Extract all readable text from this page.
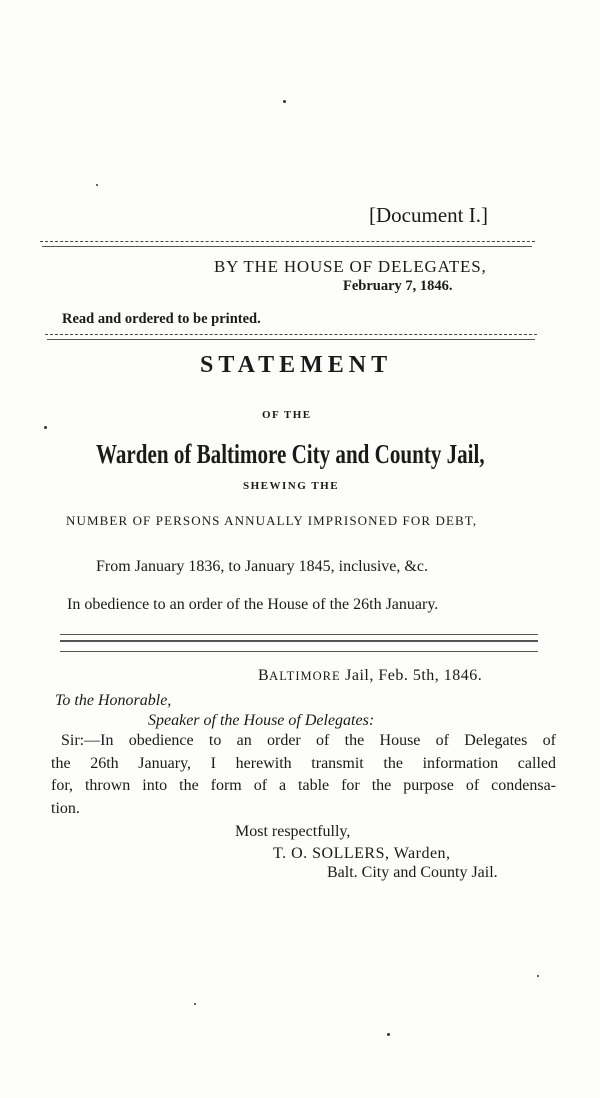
[Document I.]
BY THE HOUSE OF DELEGATES,
February 7, 1846.
Read and ordered to be printed.
STATEMENT
OF THE
Warden of Baltimore City and County Jail,
SHEWING THE
NUMBER OF PERSONS ANNUALLY IMPRISONED FOR DEBT,
From January 1836, to January 1845, inclusive, &c.
In obedience to an order of the House of the 26th January.
BALTIMORE Jail, Feb. 5th, 1846.
To the Honorable,
Speaker of the House of Delegates:
Sir:—In obedience to an order of the House of Delegates of
the 26th January, I herewith transmit the information called
for, thrown into the form of a table for the purpose of condensa-
tion.
Most respectfully,
T. O. SOLLERS, Warden,
Balt. City and County Jail.
